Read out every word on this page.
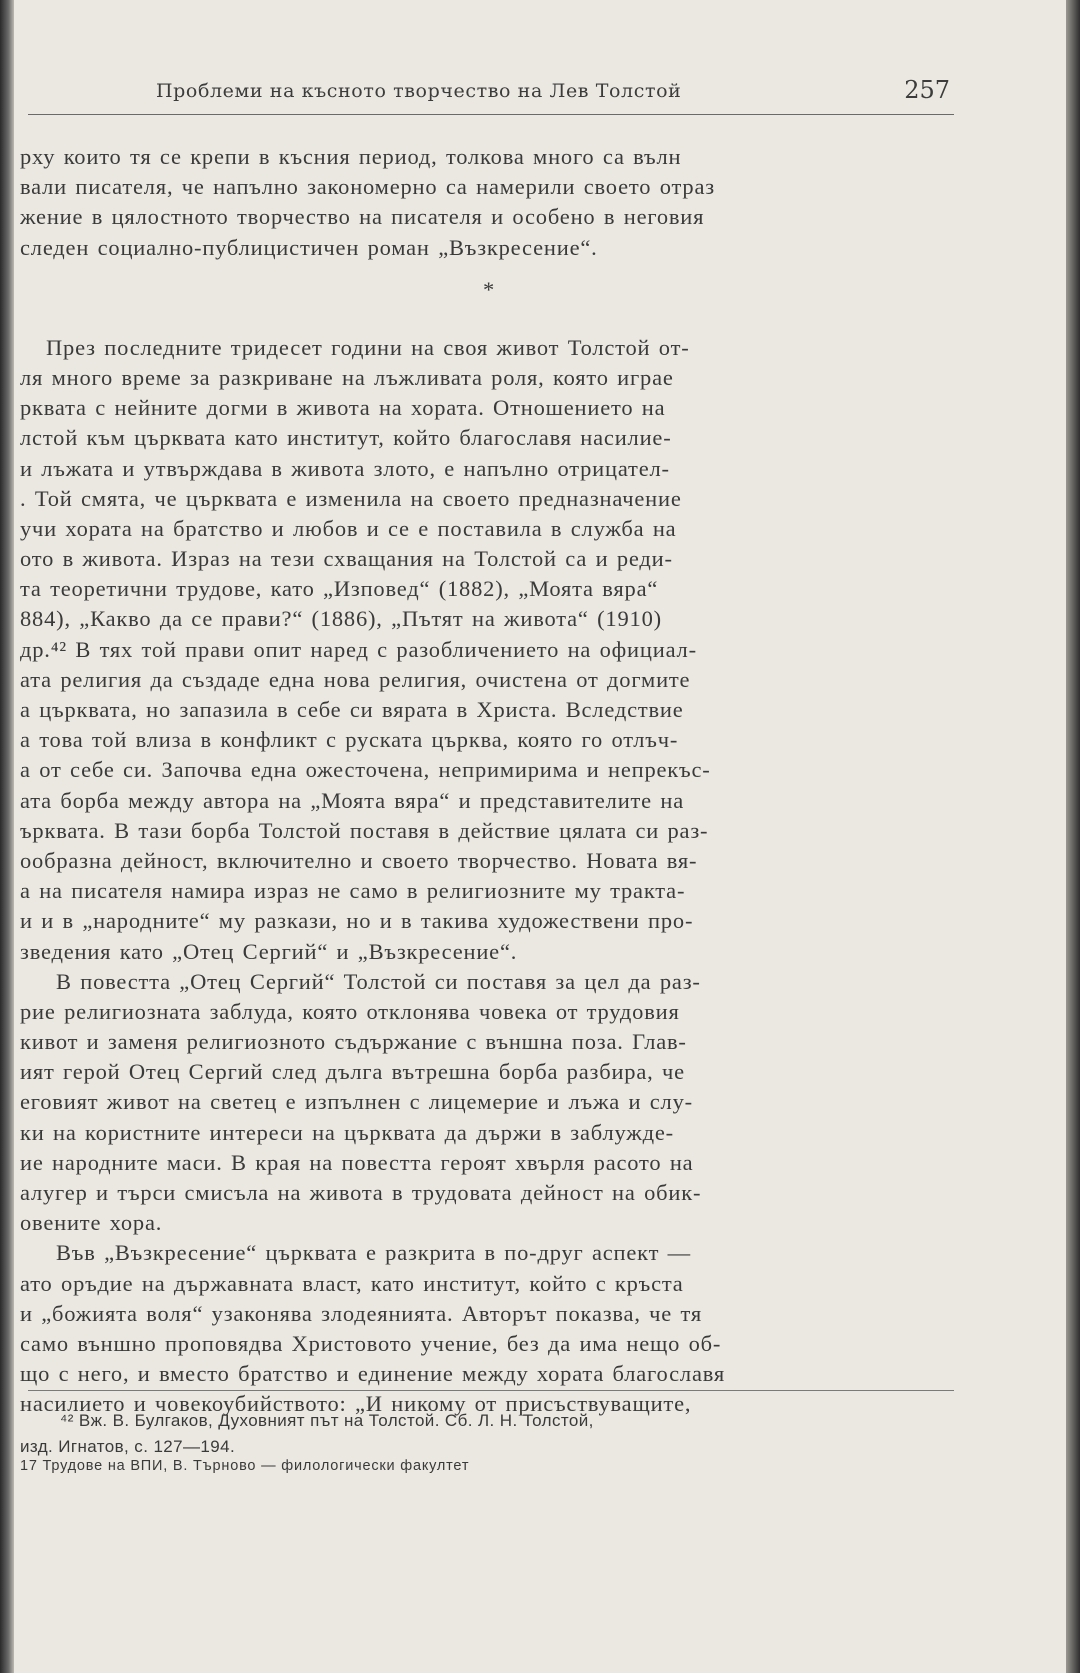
Проблеми на късното творчество на Лев Толстой	257
рху които тя се крепи в късния период, толкова много са вълн
вали писателя, че напълно закономерно са намерили своето отраз
жение в цялостното творчество на писателя и особено в неговия
следен социално-публицистичен роман „Възкресение“.
*
През последните тридесет години на своя живот Толстой от-
ля много време за разкриване на лъжливата роля, която играе
рквата с нейните догми в живота на хората. Отношението на
лстой към църквата като институт, който благославя насилие-
и лъжата и утвърждава в живота злото, е напълно отрицател-
. Той смята, че църквата е изменила на своето предназначение
учи хората на братство и любов и се е поставила в служба на
ото в живота. Израз на тези схващания на Толстой са и реди-
та теоретични трудове, като „Изповед“ (1882), „Моята вяра“
884), „Какво да се прави?“ (1886), „Пътят на живота“ (1910)
др.⁴² В тях той прави опит наред с разобличението на официал-
ата религия да създаде една нова религия, очистена от догмите
а църквата, но запазила в себе си вярата в Христа. Вследствие
а това той влиза в конфликт с руската църква, която го отлъч-
а от себе си. Започва една ожесточена, непримирима и непрекъс-
ата борба между автора на „Моята вяра“ и представителите на
ърквата. В тази борба Толстой поставя в действие цялата си раз-
ообразна дейност, включително и своето творчество. Новата вя-
а на писателя намира израз не само в религиозните му тракта-
и и в „народните“ му разкази, но и в такива художествени про-
зведения като „Отец Сергий“ и „Възкресение“.
В повестта „Отец Сергий“ Толстой си поставя за цел да раз-
рие религиозната заблуда, която отклонява човека от трудовия
кивот и замeня религиозното съдържание с външна поза. Глав-
ият герой Отец Сергий след дълга вътрешна борба разбира, че
еговият живот на светец е изпълнен с лицемерие и лъжа и слу-
ки на користните интереси на църквата да държи в заблужде-
ие народните маси. В края на повестта героят хвърля расото на
алугер и търси смисъла на живота в трудовата дейност на обик-
овените хора.
Във „Възкресение“ църквата е разкрита в по-друг аспект —
ато оръдие на държавната власт, като институт, който с кръста
и „божията воля“ узаконява злодеянията. Авторът показва, че тя
само външно проповядва Христовото учение, без да има нещо об-
що с него, и вместо братство и единение между хората благославя
насилието и човекоубийството: „И никому от присъствуващите,
⁴² Вж. В. Булгаков, Духовният път на Толстой. Сб. Л. Н. Толстой,
изд. Игнатов, с. 127—194.
17 Трудове на ВПИ, В. Търново — филологически факултет
